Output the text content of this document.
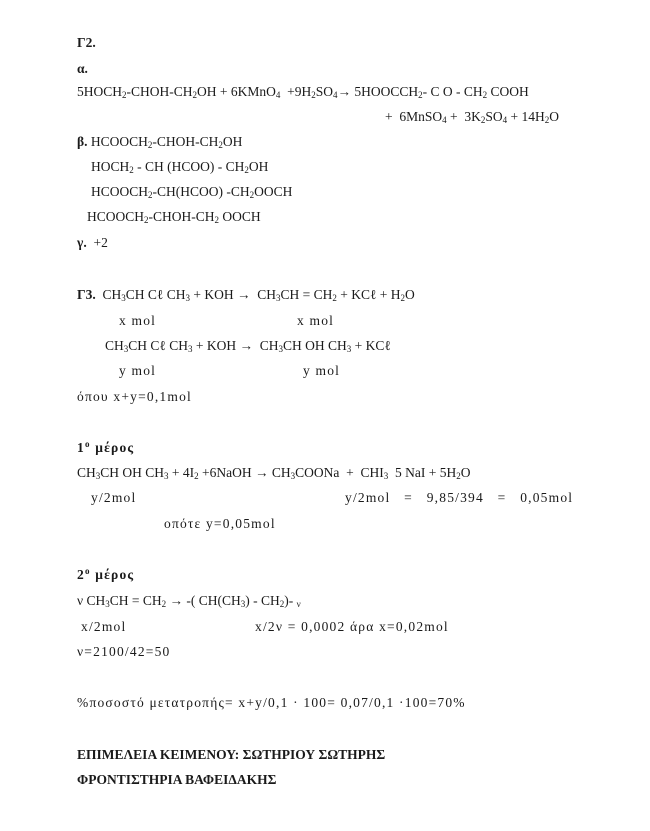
Γ2.
α.
$5HOCH_2-CHOH-CH_2OH$ + 6KMnO$_4$  $+9H_2SO_4\to$ $5HOOCCH_2-$ C O - $CH_2$ COOH
+  6MnSO$_4$ +  $3K_2SO_4 + 14H_2O$
β. $HCOOCH_2-CHOH-CH_2OH$
$HOCH_2$ - CH (HCOO) - $CH_2OH$
$HCOOCH_2-CH(HCOO)$ $-CH_2OOCH$
$HCOOCH_2-CHOH-CH_2$ OOCH
γ. +2
Γ3. $CH_3CH$ Cℓ $CH_3$ + KOH →  $CH_3CH = CH_2$ + KCℓ + $H_2O$
x mol	x mol
$CH_3CH$ Cℓ $CH_3$ + KOH →  $CH_3CH$ OH $CH_3$ + KCℓ
y mol	y mol
όπου x+y=0,1mol
$1^o$ μέρος
$CH_3CH$ OH $CH_3 + 4I_2$ +6NaOH → $CH_3COONa + CHI_3$  5 NaI + $5H_2O$
y/2mol	y/2mol   =   9,85/394   =   0,05mol
οπότε y=0,05mol
$2^o$ μέρος
ν $CH_3CH = CH_2$ → -( $CH(CH_3) - CH_2)-$ $_\nu$
x/2mol	x/2ν = 0,0002 άρα x=0,02mol
ν=2100/42=50
%ποσοστό μετατροπής= x+y/0,1 · 100= 0,07/0,1 ·100=70%
ΕΠΙΜΕΛΕΙΑ ΚΕΙΜΕΝΟΥ: ΣΩΤΗΡΙΟΥ ΣΩΤΗΡΗΣ
ΦΡΟΝΤΙΣΤΗΡΙΑ ΒΑΦΕΙΔΑΚΗΣ
